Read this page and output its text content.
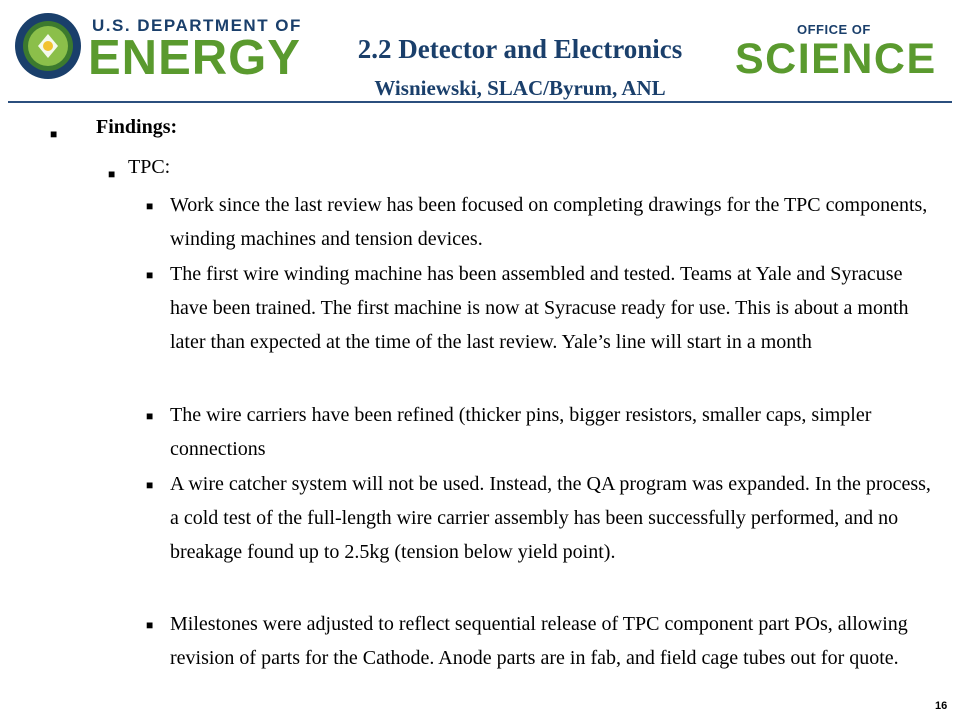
U.S. DEPARTMENT OF
ENERGY	2.2 Detector and Electronics
Wisniewski, SLAC/Byrum, ANL
OFFICE OF
SCIENCE
■ Findings:
■ TPC:
■ Work since the last review has been focused on completing drawings for the TPC components, winding machines and tension devices.
■ The first wire winding machine has been assembled and tested. Teams at Yale and Syracuse have been trained. The first machine is now at Syracuse ready for use. This is about a month later than expected at the time of the last review. Yale’s line will start in a month
■ The wire carriers have been refined (thicker pins, bigger resistors, smaller caps, simpler connections
■ A wire catcher system will not be used. Instead, the QA program was expanded. In the process, a cold test of the full-length wire carrier assembly has been successfully performed, and no breakage found up to 2.5kg (tension below yield point).
■ Milestones were adjusted to reflect sequential release of TPC component part POs, allowing revision of parts for the Cathode. Anode parts are in fab, and field cage tubes out for quote.
16
